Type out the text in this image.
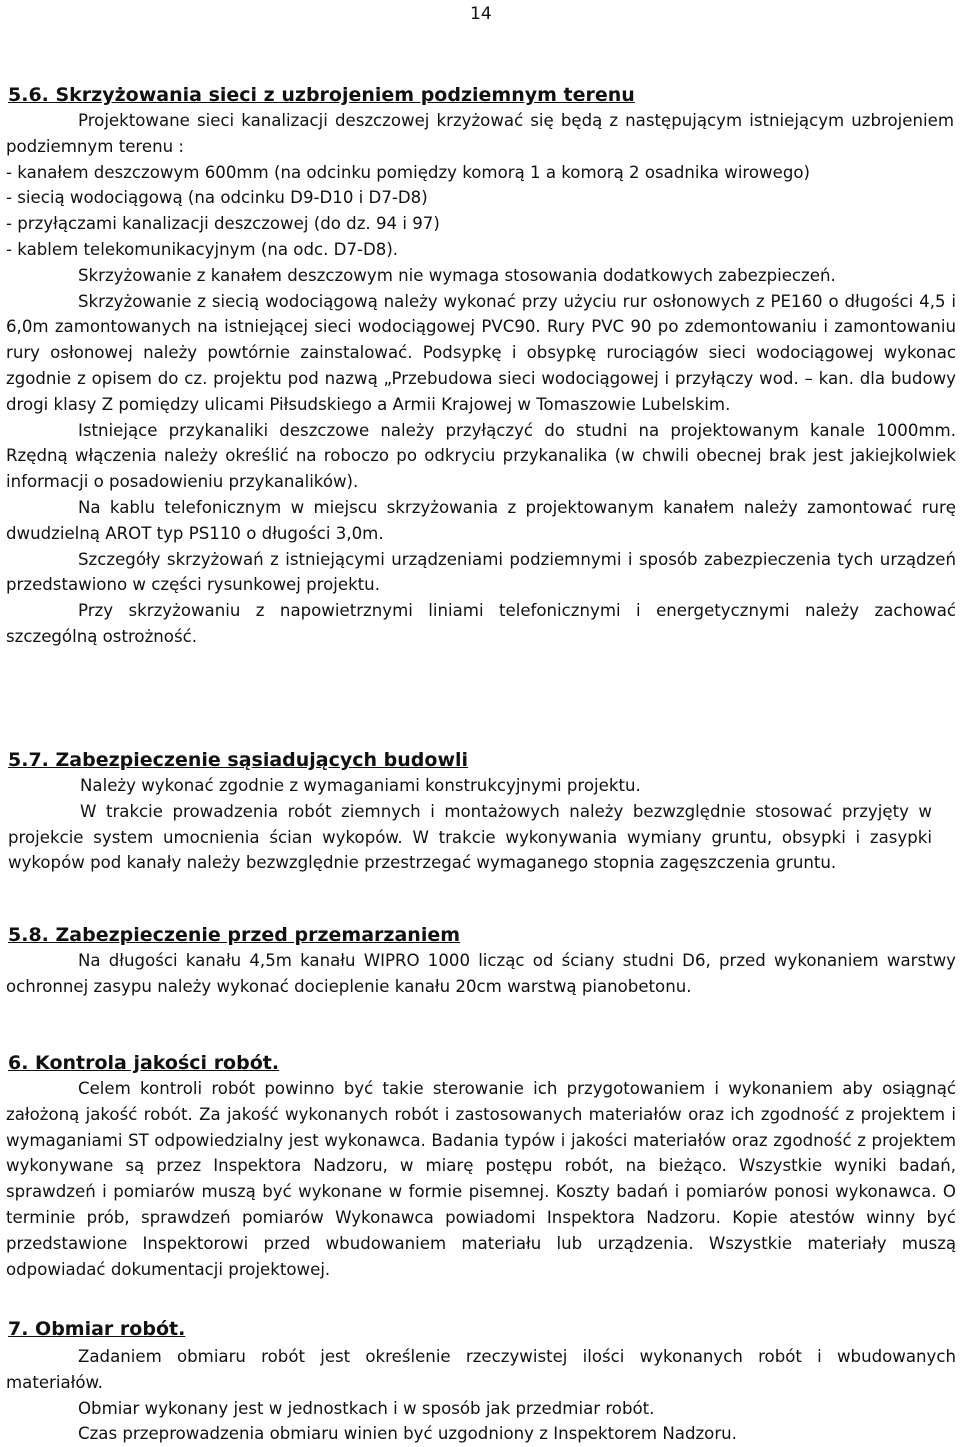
14
5.6. Skrzyżowania sieci z uzbrojeniem podziemnym terenu

Projektowane sieci kanalizacji deszczowej krzyżować się będą z następującym istniejącym uzbrojeniem podziemnym terenu :

- kanałem deszczowym 600mm (na odcinku pomiędzy komorą 1 a komorą 2 osadnika wirowego)

- siecią wodociągową (na odcinku D9-D10 i D7-D8)

- przyłączami kanalizacji deszczowej (do dz. 94 i 97)

- kablem telekomunikacyjnym (na odc. D7-D8).

Skrzyżowanie z kanałem deszczowym nie wymaga stosowania dodatkowych zabezpieczeń.

Skrzyżowanie z siecią wodociągową należy wykonać przy użyciu rur osłonowych z PE160 o długości 4,5 i 6,0m zamontowanych na istniejącej sieci wodociągowej PVC90. Rury PVC 90 po zdemontowaniu i zamontowaniu rury osłonowej należy powtórnie zainstalować. Podsypkę i obsypkę rurociągów sieci wodociągowej wykonac zgodnie z opisem do cz. projektu pod nazwą „Przebudowa sieci wodociągowej i przyłączy wod. – kan. dla budowy drogi klasy Z pomiędzy ulicami Piłsudskiego a Armii Krajowej w Tomaszowie Lubelskim.

Istniejące przykanaliki deszczowe należy przyłączyć do studni na projektowanym kanale 1000mm. Rzędną włączenia należy określić na roboczo po odkryciu przykanalika (w chwili obecnej brak jest jakiejkolwiek informacji o posadowieniu przykanalików).

Na kablu telefonicznym w miejscu skrzyżowania z projektowanym kanałem należy zamontować rurę dwudzielną AROT typ PS110 o długości 3,0m.

Szczegóły skrzyżowań z istniejącymi urządzeniami podziemnymi i sposób zabezpieczenia tych urządzeń przedstawiono w części rysunkowej projektu.

Przy skrzyżowaniu z napowietrznymi liniami telefonicznymi i energetycznymi należy zachować szczególną ostrożność.

5.7. Zabezpieczenie sąsiadujących budowli

Należy wykonać zgodnie z wymaganiami konstrukcyjnymi projektu.

W trakcie prowadzenia robót ziemnych i montażowych należy bezwzględnie stosować przyjęty w projekcie system umocnienia ścian wykopów. W trakcie wykonywania wymiany gruntu, obsypki i zasypki wykopów pod kanały należy bezwzględnie przestrzegać wymaganego stopnia zagęszczenia gruntu.

5.8. Zabezpieczenie przed przemarzaniem

Na długości kanału 4,5m kanału WIPRO 1000 licząc od ściany studni D6, przed wykonaniem warstwy ochronnej zasypu należy wykonać docieplenie kanału 20cm warstwą pianobetonu.

6. Kontrola jakości robót.

Celem kontroli robót powinno być takie sterowanie ich przygotowaniem i wykonaniem aby osiągnąć założoną jakość robót. Za jakość wykonanych robót i zastosowanych materiałów oraz ich zgodność z projektem i wymaganiami ST odpowiedzialny jest wykonawca. Badania typów i jakości materiałów oraz zgodność z projektem wykonywane są przez Inspektora Nadzoru, w miarę postępu robót, na bieżąco. Wszystkie wyniki badań, sprawdzeń i pomiarów muszą być wykonane w formie pisemnej. Koszty badań i pomiarów ponosi wykonawca. O terminie prób, sprawdzeń pomiarów Wykonawca powiadomi Inspektora Nadzoru. Kopie atestów winny być przedstawione Inspektorowi przed wbudowaniem materiału lub urządzenia. Wszystkie materiały muszą odpowiadać dokumentacji projektowej.

7. Obmiar robót.

Zadaniem obmiaru robót jest określenie rzeczywistej ilości wykonanych robót i wbudowanych materiałów.

Obmiar wykonany jest w jednostkach i w sposób jak przedmiar robót.

Czas przeprowadzenia obmiaru winien być uzgodniony z Inspektorem Nadzoru.
